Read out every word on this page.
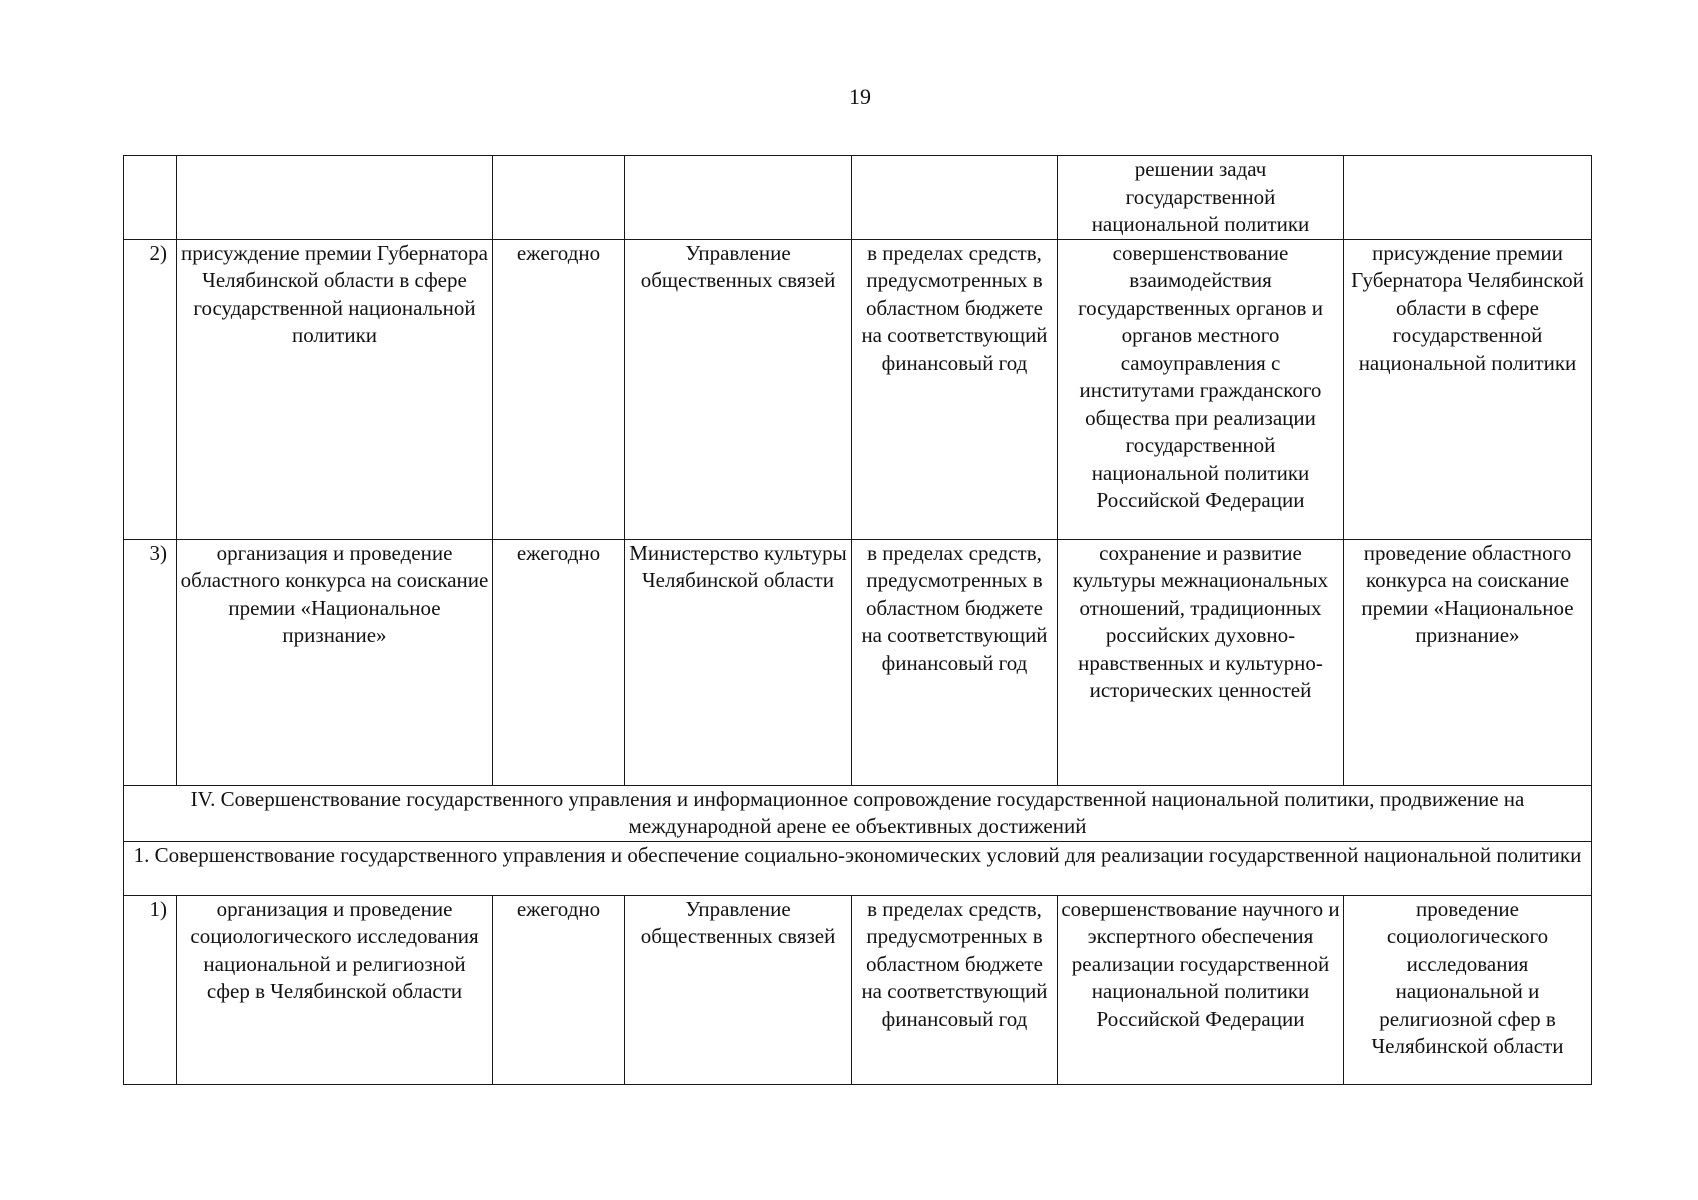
19
					решении задач государственной национальной политики	
2)	присуждение премии Губернатора Челябинской области в сфере государственной национальной политики	ежегодно	Управление общественных связей	в пределах средств, предусмотренных в областном бюджете на соответствующий финансовый год	совершенствование взаимодействия государственных органов и органов местного самоуправления с институтами гражданского общества при реализации государственной национальной политики Российской Федерации	присуждение премии Губернатора Челябинской области в сфере государственной национальной политики
3)	организация и проведение областного конкурса на соискание премии «Национальное признание»	ежегодно	Министерство культуры Челябинской области	в пределах средств, предусмотренных в областном бюджете на соответствующий финансовый год	сохранение и развитие культуры межнациональных отношений, традиционных российских духовно-нравственных и культурно-исторических ценностей	проведение областного конкурса на соискание премии «Национальное признание»
IV. Совершенствование государственного управления и информационное сопровождение государственной национальной политики, продвижение на международной арене ее объективных достижений						
1. Совершенствование государственного управления и обеспечение социально-экономических условий для реализации государственной национальной политики						
1)	организация и проведение социологического исследования национальной и религиозной сфер в Челябинской области	ежегодно	Управление общественных связей	в пределах средств, предусмотренных в областном бюджете на соответствующий финансовый год	совершенствование научного и экспертного обеспечения реализации государственной национальной политики Российской Федерации	проведение социологического исследования национальной и религиозной сфер в Челябинской области
